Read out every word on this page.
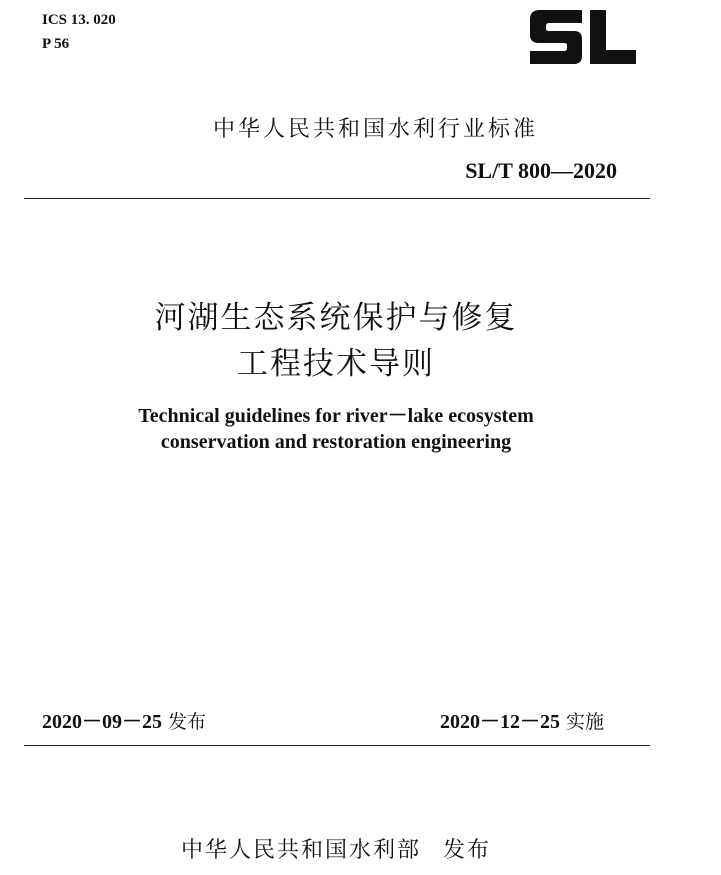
ICS 13. 020
P 56
中华人民共和国水利行业标准
SL/T 800—2020
河湖生态系统保护与修复
工程技术导则
Technical guidelines for river－lake ecosystem
conservation and restoration engineering
2020－09－25 发布	2020－12－25 实施
中华人民共和国水利部 发布
